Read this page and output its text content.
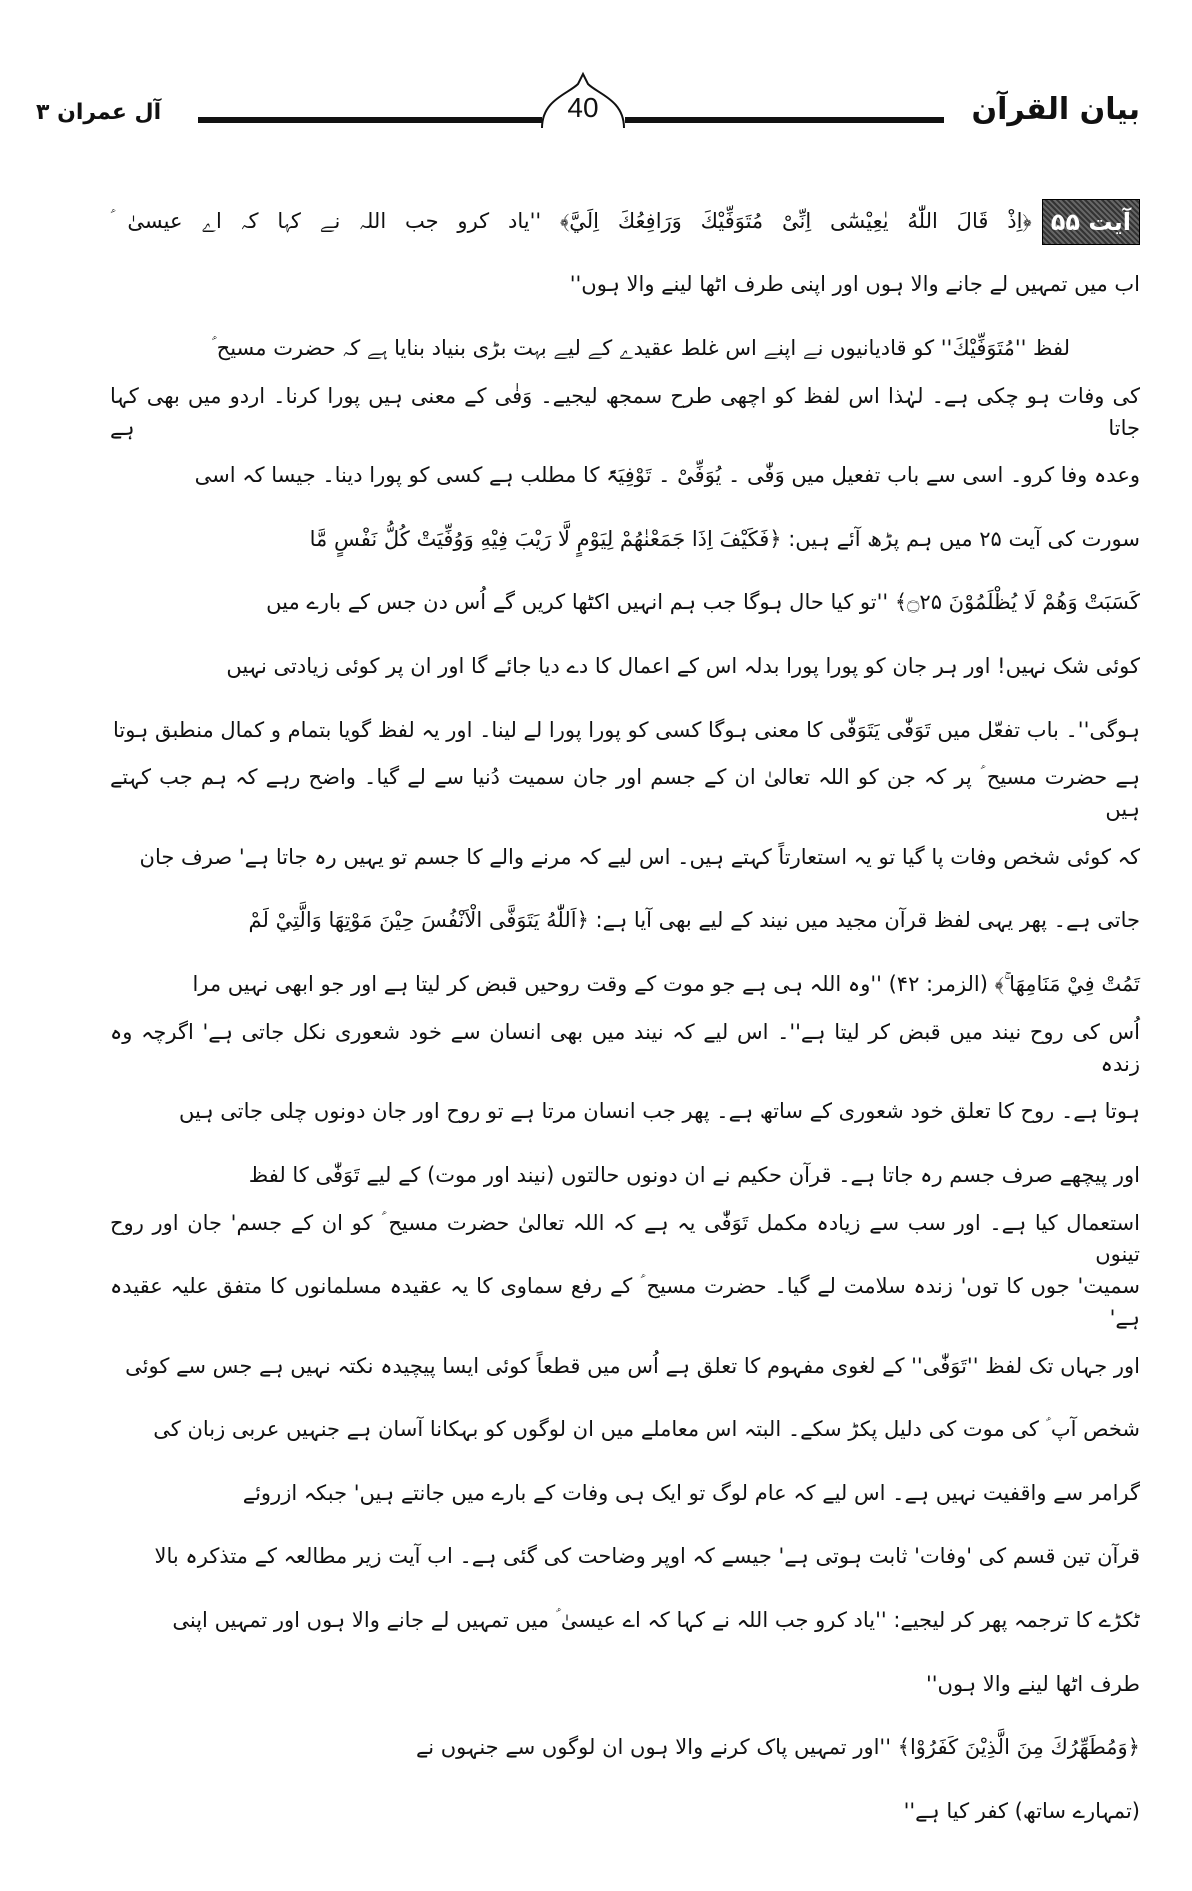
بیان القرآن
40
آل عمران ۳
آیت ۵۵
﴿اِذْ قَالَ اللّٰهُ يٰعِيْسٰٓى اِنِّىْ مُتَوَفِّيْكَ وَرَافِعُكَ اِلَيَّ﴾ ''یاد کرو جب اللہ نے کہا کہ اے عیسیٰ ؑ
اب میں تمہیں لے جانے والا ہوں اور اپنی طرف اٹھا لینے والا ہوں''
لفظ ''مُتَوَفِّيْكَ'' کو قادیانیوں نے اپنے اس غلط عقیدے کے لیے بہت بڑی بنیاد بنایا ہے کہ حضرت مسیح ؑ
کی وفات ہو چکی ہے۔ لہٰذا اس لفظ کو اچھی طرح سمجھ لیجیے۔ وَفٰی کے معنی ہیں پورا کرنا۔ اردو میں بھی کہا جاتا ہے
وعدہ وفا کرو۔ اسی سے باب تفعیل میں وَفّٰی ۔ یُوَفِّیْ ۔ تَوْفِیَۃً کا مطلب ہے کسی کو پورا دینا۔ جیسا کہ اسی
سورت کی آیت ۲۵ میں ہم پڑھ آئے ہیں: ﴿فَكَيْفَ اِذَا جَمَعْنٰهُمْ لِيَوْمٍ لَّا رَيْبَ فِيْهِ وَوُفِّيَتْ كُلُّ نَفْسٍ مَّا
كَسَبَتْ وَھُمْ لَا يُظْلَمُوْنَ ۝۲۵﴾ ''تو کیا حال ہوگا جب ہم انہیں اکٹھا کریں گے اُس دن جس کے بارے میں
کوئی شک نہیں! اور ہر جان کو پورا پورا بدلہ اس کے اعمال کا دے دیا جائے گا اور ان پر کوئی زیادتی نہیں
ہوگی''۔ باب تفعّل میں تَوَفّٰی یَتَوَفّٰی کا معنی ہوگا کسی کو پورا پورا لے لینا۔ اور یہ لفظ گویا بتمام و کمال منطبق ہوتا
ہے حضرت مسیح ؑ پر کہ جن کو اللہ تعالیٰ ان کے جسم اور جان سمیت دُنیا سے لے گیا۔ واضح رہے کہ ہم جب کہتے ہیں
کہ کوئی شخص وفات پا گیا تو یہ استعارتاً کہتے ہیں۔ اس لیے کہ مرنے والے کا جسم تو یہیں رہ جاتا ہے' صرف جان
جاتی ہے۔ پھر یہی لفظ قرآن مجید میں نیند کے لیے بھی آیا ہے: ﴿اَللّٰهُ يَتَوَفَّى الْاَنْفُسَ حِيْنَ مَوْتِهَا وَالَّتِيْ لَمْ
تَمُتْ فِيْ مَنَامِهَا ۚ﴾ (الزمر: ۴۲) ''وہ اللہ ہی ہے جو موت کے وقت روحیں قبض کر لیتا ہے اور جو ابھی نہیں مرا
اُس کی روح نیند میں قبض کر لیتا ہے''۔ اس لیے کہ نیند میں بھی انسان سے خود شعوری نکل جاتی ہے' اگرچہ وہ زندہ
ہوتا ہے۔ روح کا تعلق خود شعوری کے ساتھ ہے۔ پھر جب انسان مرتا ہے تو روح اور جان دونوں چلی جاتی ہیں
اور پیچھے صرف جسم رہ جاتا ہے۔ قرآن حکیم نے ان دونوں حالتوں (نیند اور موت) کے لیے تَوَفّٰی کا لفظ
استعمال کیا ہے۔ اور سب سے زیادہ مکمل تَوَفّٰی یہ ہے کہ اللہ تعالیٰ حضرت مسیح ؑ کو ان کے جسم' جان اور روح تینوں
سمیت' جوں کا توں' زندہ سلامت لے گیا۔ حضرت مسیح ؑ کے رفع سماوی کا یہ عقیدہ مسلمانوں کا متفق علیہ عقیدہ ہے'
اور جہاں تک لفظ ''تَوَفّٰی'' کے لغوی مفہوم کا تعلق ہے اُس میں قطعاً کوئی ایسا پیچیدہ نکتہ نہیں ہے جس سے کوئی
شخص آپ ؑ کی موت کی دلیل پکڑ سکے۔ البتہ اس معاملے میں ان لوگوں کو بہکانا آسان ہے جنہیں عربی زبان کی
گرامر سے واقفیت نہیں ہے۔ اس لیے کہ عام لوگ تو ایک ہی وفات کے بارے میں جانتے ہیں' جبکہ ازروئے
قرآن تین قسم کی 'وفات' ثابت ہوتی ہے' جیسے کہ اوپر وضاحت کی گئی ہے۔ اب آیت زیر مطالعہ کے متذکرہ بالا
ٹکڑے کا ترجمہ پھر کر لیجیے: ''یاد کرو جب اللہ نے کہا کہ اے عیسیٰ ؑ میں تمہیں لے جانے والا ہوں اور تمہیں اپنی
طرف اٹھا لینے والا ہوں''
﴿وَمُطَهِّرُكَ مِنَ الَّذِيْنَ كَفَرُوْا﴾ ''اور تمہیں پاک کرنے والا ہوں ان لوگوں سے جنہوں نے
(تمہارے ساتھ) کفر کیا ہے''
